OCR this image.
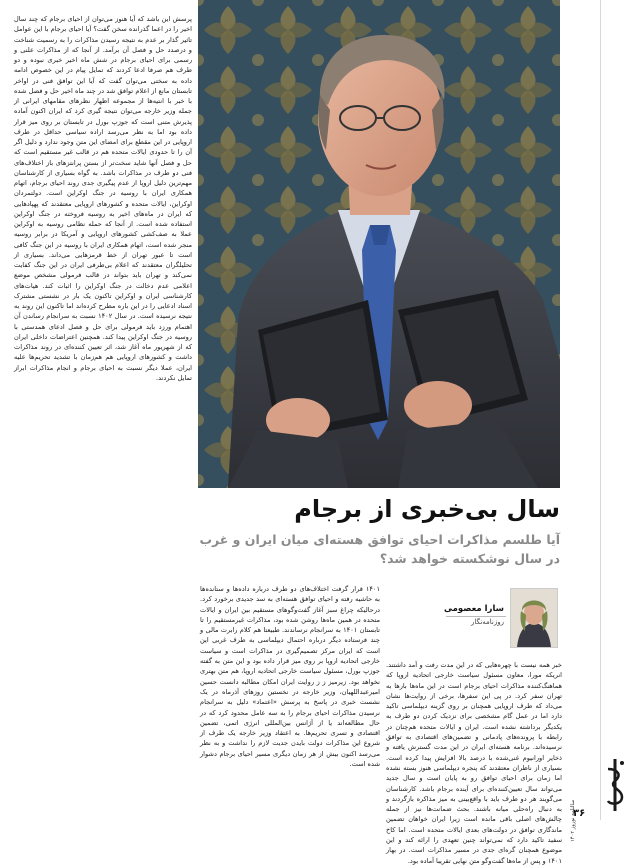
پرسش این باشد که آیا هنوز می‌توان از احیای برجام که چند سال اخیر را در اعما گذرانده سخن گفت؟ آیا احیای برجام با این عوامل تاثیر گذار بر عدم به نتیجه رسیدن مذاکرات را به رسمیت شناخت و درصدد حل و فصل آن برآمد. از آنجا که از مذاکرات علنی و رسمی برای احیای برجام در شش ماه اخیر خبری نبوده و دو طرف هم صرفا ادعا کردند که تمایل پیام در این خصوص ادامه داده به سختی می‌توان گفت که آیا این توافق فنی در اواخر تابستان مانع از اعلام توافق شد در چند ماه اخیر حل و فصل شده با خبر با انتیه‌ها از مجموعه اظهار نظرهای مقامهای ایرانی از جمله وزیر خارجه می‌توان نتیجه گیری کرد که ایران اکنون آماده پذیرش متنی است که جوزپ بورل در تابستان بر روی میز قرار داده بود اما به نظر می‌رسد اراده سیاسی حداقل در طرف اروپایی در این مقطع برای امضای این متن وجود ندارد و دلیل اگر آن را تا حدودی ایالات متحده هم در قالب غیر مستقیم است که حل و فصل آنها شاید سخت‌تر از بستن پرانتزهای باز اختلاف‌های فنی دو طرف در مذاکرات باشد. به گواه بسیاری از کارشناسان مهم‌ترین دلیل اروپا از عدم پیگیری جدی روند احیای برجام، اتهام همکاری ایران با روسیه در جنگ اوکراین است. دولتمردان اوکراین، ایالات متحده و کشورهای اروپایی معتقدند که پهپادهایی که ایران در ماه‌های اخیر به روسیه فروخته در جنگ اوکراین استفاده شده است. از آنجا که حمله نظامی روسیه به اوکراین عملا به صف‌کشی کشورهای اروپایی و آمریکا در برابر روسیه منجر شده است، اتهام همکاری ایران با روسیه در این جنگ کافی است تا عبور تهران از خط قرمزهایی می‌داند. بسیاری از تحلیلگران معتقدند که اعلام بی‌طرفی ایران در این جنگ کفایت نمی‌کند و تهران باید بتواند در قالب فرمولی مشخص موضع اعلامی عدم دخالت در جنگ اوکراین را اثبات کند. هیات‌های کارشناسی ایران و اوکراین تاکنون یک بار در نشستی مشترک اسناد ادعایی را در این باره مطرح کرده‌اند اما تاکنون این روند به نتیجه نرسیده است. در سال ۱۴۰۲ نسبت به سرانجام رساندن آن اهتمام ورزد باید فرمولی برای حل و فصل ادعای همدستی با روسیه در جنگ اوکراین پیدا کند. همچنین اعتراضات داخلی ایران که از شهریور ماه آغاز شد، اثر تعیین کننده‌ای در روند مذاکرات داشت و کشورهای اروپایی هم هم‌زمان با تشدید تحریم‌ها علیه ایران، عملا دیگر نسبت به احیای برجام و انجام مذاکرات ابراز تمایل نکردند.

سالنامه نوروز ۱۴۰۲
۳۶
سال بی‌خبری از برجام
آیا طلسم مذاکرات احیای توافق هسته‌ای میان ایران و غرب در سال نوشکسته خواهد شد؟
سارا معصومی
روزنامه‌نگار

۱۴۰۱ قرار گرفت اختلاف‌های دو طرف درباره داده‌ها و ستانده‌ها به حاشیه رفته و احیای توافق هسته‌ای به سد جدیدی برخورد کرد. درحالیکه چراغ سبز آغاز گفت‌وگوهای مستقیم بین ایران و ایالات متحده در همین ماه‌ها روشن شده بود، مذاکرات غیرمستقیم را تا تابستان ۱۴۰۱ به سرانجام نرساندند. طبیعتا هم کلام رابرت مالی و چند فرستاده دیگر درباره احتمال دیپلماسی به طرف غربی این است که ایران مرکز تصمیم‌گیری در مذاکرات است و سیاست خارجی اتحادیه اروپا بر روی میز قرار داده بود و این متن به گفته جوزپ بورل، مسئول سیاست خارجی اتحادیه اروپا، هم متن بهتری نخواهد بود. زیرمیز ز ز روایت ایران امکان مطالبه دانست حسین امیرعبداللهیان، وزیر خارجه در نخستین روزهای آذرماه در یک نشست خبری در پاسخ به پرسش «اعتماد» دلیل به سرانجام نرسیدن مذاکرات احیای برجام را به سه عامل محدود کرد که در حال مطالعه‌اند یا از آژانس بین‌المللی انرژی اتمی، تضمین اقتصادی و تسری تحریم‌ها. به اعتقاد وزیر خارجه یک طرف از شروع این مذاکرات دولت بایدن جدیت لازم را نداشت و به نظر می‌رسد اکنون بیش از هر زمان دیگری مسیر احیای برجام دشوار شده است.

خبر همه نیست با چهره‌هایی که در این مدت رفت و آمد داشتند. انریکه مورا، معاون مسئول سیاست خارجی اتحادیه اروپا که هماهنگ‌کننده مذاکرات احیای برجام است در این ماه‌ها بارها به تهران سفر کرد. در پی این سفرها، برخی از روایت‌ها نشان می‌داد که طرف اروپایی همچنان بر روی گزینه دیپلماسی تاکید دارد اما در عمل گام مشخصی برای نزدیک کردن دو طرف به یکدیگر برداشته نشده است. ایران و ایالات متحده هم‌چنان در رابطه با پرونده‌های پادمانی و تضمین‌های اقتصادی به توافق نرسیده‌اند. برنامه هسته‌ای ایران در این مدت گسترش یافته و ذخایر اورانیوم غنی‌شده با درصد بالا افزایش پیدا کرده است. بسیاری از ناظران معتقدند که پنجره دیپلماسی هنوز بسته نشده اما زمان برای احیای توافق رو به پایان است و سال جدید می‌تواند سال تعیین‌کننده‌ای برای آینده برجام باشد. کارشناسان می‌گویند هر دو طرف باید با واقع‌بینی به میز مذاکره بازگردند و به دنبال راه‌حلی میانه باشند. بحث ضمانت‌ها نیز از جمله چالش‌های اصلی باقی مانده است زیرا ایران خواهان تضمین ماندگاری توافق در دولت‌های بعدی ایالات متحده است. اما کاخ سفید تاکید دارد که نمی‌تواند چنین تعهدی را ارائه کند و این موضوع همچنان گره‌ای جدی در مسیر مذاکرات است. در بهار ۱۴۰۱ و پس از ماه‌ها گفت‌وگو متن نهایی تقریبا آماده بود.
